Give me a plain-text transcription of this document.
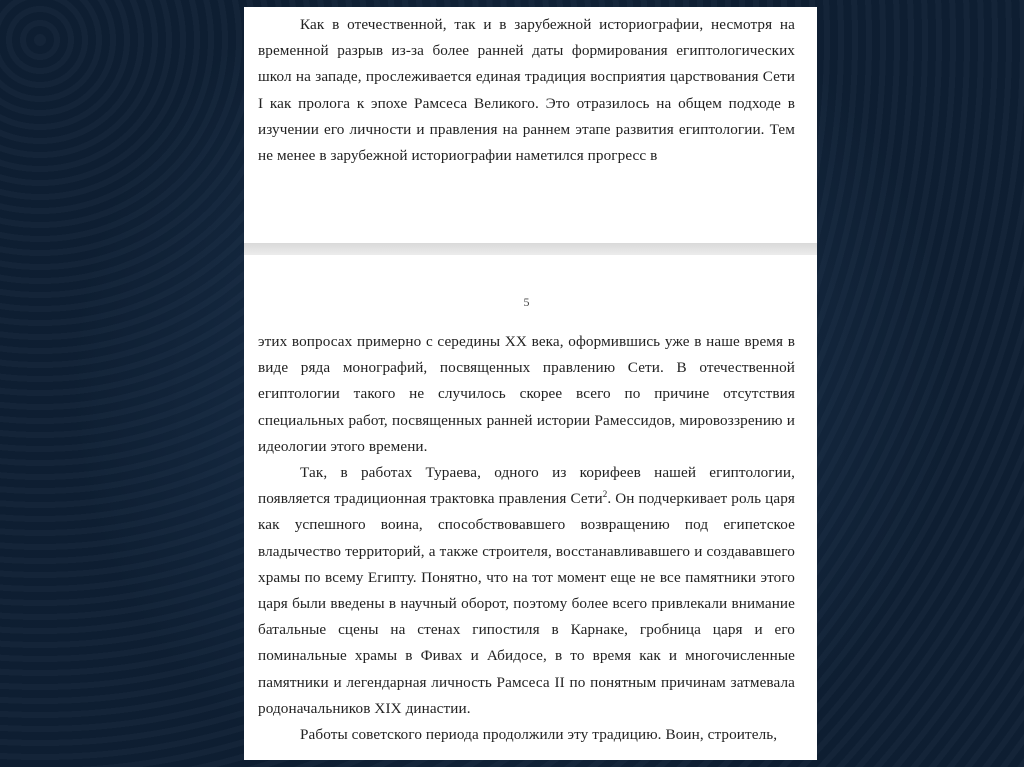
Как в отечественной, так и в зарубежной историографии, несмотря на временной разрыв из-за более ранней даты формирования египтологических школ на западе, прослеживается единая традиция восприятия царствования Сети I как пролога к эпохе Рамсеса Великого. Это отразилось на общем подходе в изучении его личности и правления на раннем этапе развития египтологии. Тем не менее в зарубежной историографии наметился прогресс в

5

этих вопросах примерно с середины XX века, оформившись уже в наше время в виде ряда монографий, посвященных правлению Сети. В отечественной египтологии такого не случилось скорее всего по причине отсутствия специальных работ, посвященных ранней истории Рамессидов, мировоззрению и идеологии этого времени.

Так, в работах Тураева, одного из корифеев нашей египтологии, появляется традиционная трактовка правления Сети$^2$. Он подчеркивает роль царя как успешного воина, способствовавшего возвращению под египетское владычество территорий, а также строителя, восстанавливавшего и создававшего храмы по всему Египту. Понятно, что на тот момент еще не все памятники этого царя были введены в научный оборот, поэтому более всего привлекали внимание батальные сцены на стенах гипостиля в Карнаке, гробница царя и его поминальные храмы в Фивах и Абидосе, в то время как и многочисленные памятники и легендарная личность Рамсеса II по понятным причинам затмевала родоначальников XIX династии.

Работы советского периода продолжили эту традицию. Воин, строитель,
